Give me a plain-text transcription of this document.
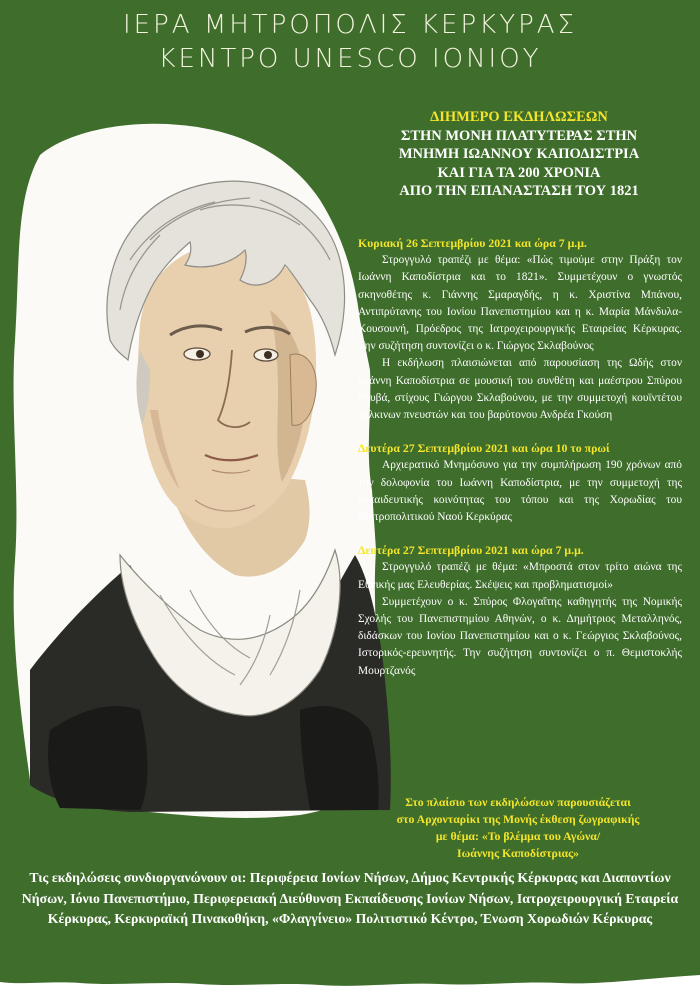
ΙΕΡΑ ΜΗΤΡΟΠΟΛΙΣ ΚΕΡΚΥΡΑΣ
ΚΕΝΤΡΟ UNESCO ΙΟΝΙΟΥ
ΔΙΗΜΕΡΟ ΕΚΔΗΛΩΣΕΩΝ
ΣΤΗΝ ΜΟΝΗ ΠΛΑΤΥΤΕΡΑΣ ΣΤΗΝ
ΜΝΗΜΗ ΙΩΑΝΝΟΥ ΚΑΠΟΔΙΣΤΡΙΑ
ΚΑΙ ΓΙΑ ΤΑ 200 ΧΡΟΝΙΑ
ΑΠΟ ΤΗΝ ΕΠΑΝΑΣΤΑΣΗ ΤΟΥ 1821
Κυριακή 26 Σεπτεμβρίου 2021 και ώρα 7 μ.μ.

Στρογγυλό τραπέζι με θέμα: «Πώς τιμούμε στην Πράξη τον Ιωάννη Καποδίστρια και το 1821». Συμμετέχουν ο γνωστός σκηνοθέτης κ. Γιάννης Σμαραγδής, η κ. Χριστίνα Μπάνου, Αντιπρύτανης του Ιονίου Πανεπιστημίου και η κ. Μαρία Μάνδυλα-Κουσουνή, Πρόεδρος της Ιατροχειρουργικής Εταιρείας Κέρκυρας. Την συζήτηση συντονίζει ο κ. Γιώργος Σκλαβούνος

Η εκδήλωση πλαισιώνεται από παρουσίαση της Ωδής στον Ιωάννη Καποδίστρια σε μουσική του συνθέτη και μαέστρου Σπύρου Ρουβά, στίχους Γιώργου Σκλαβούνου, με την συμμετοχή κουϊντέτου χάλκινων πνευστών και του βαρύτονου Ανδρέα Γκούση

Δευτέρα 27 Σεπτεμβρίου 2021 και ώρα 10 το πρωί

Αρχιερατικό Μνημόσυνο για την συμπλήρωση 190 χρόνων από την δολοφονία του Ιωάννη Καποδίστρια, με την συμμετοχή της εκπαιδευτικής κοινότητας του τόπου και της Χορωδίας του Μητροπολιτικού Ναού Κερκύρας

Δευτέρα 27 Σεπτεμβρίου 2021 και ώρα 7 μ.μ.

Στρογγυλό τραπέζι με θέμα: «Μπροστά στον τρίτο αιώνα της Εθνικής μας Ελευθερίας. Σκέψεις και προβληματισμοί»

Συμμετέχουν ο κ. Σπύρος Φλογαΐτης καθηγητής της Νομικής Σχολής του Πανεπιστημίου Αθηνών, ο κ. Δημήτριος Μεταλληνός, διδάσκων του Ιονίου Πανεπιστημίου και ο κ. Γεώργιος Σκλαβούνος, Ιστορικός-ερευνητής. Την συζήτηση συντονίζει ο π. Θεμιστοκλής Μουρτζανός

Στο πλαίσιο των εκδηλώσεων παρουσιάζεται
στο Αρχονταρίκι της Μονής έκθεση ζωγραφικής
με θέμα: «Το βλέμμα του Αγώνα/
Ιωάννης Καποδίστριας»
Τις εκδηλώσεις συνδιοργανώνουν οι: Περιφέρεια Ιονίων Νήσων, Δήμος Κεντρικής Κέρκυρας και Διαποντίων Νήσων, Ιόνιο Πανεπιστήμιο, Περιφερειακή Διεύθυνση Εκπαίδευσης Ιονίων Νήσων, Ιατροχειρουργική Εταιρεία Κέρκυρας, Κερκυραϊκή Πινακοθήκη, «Φλαγγίνειο» Πολιτιστικό Κέντρο, Ένωση Χορωδιών Κέρκυρας
